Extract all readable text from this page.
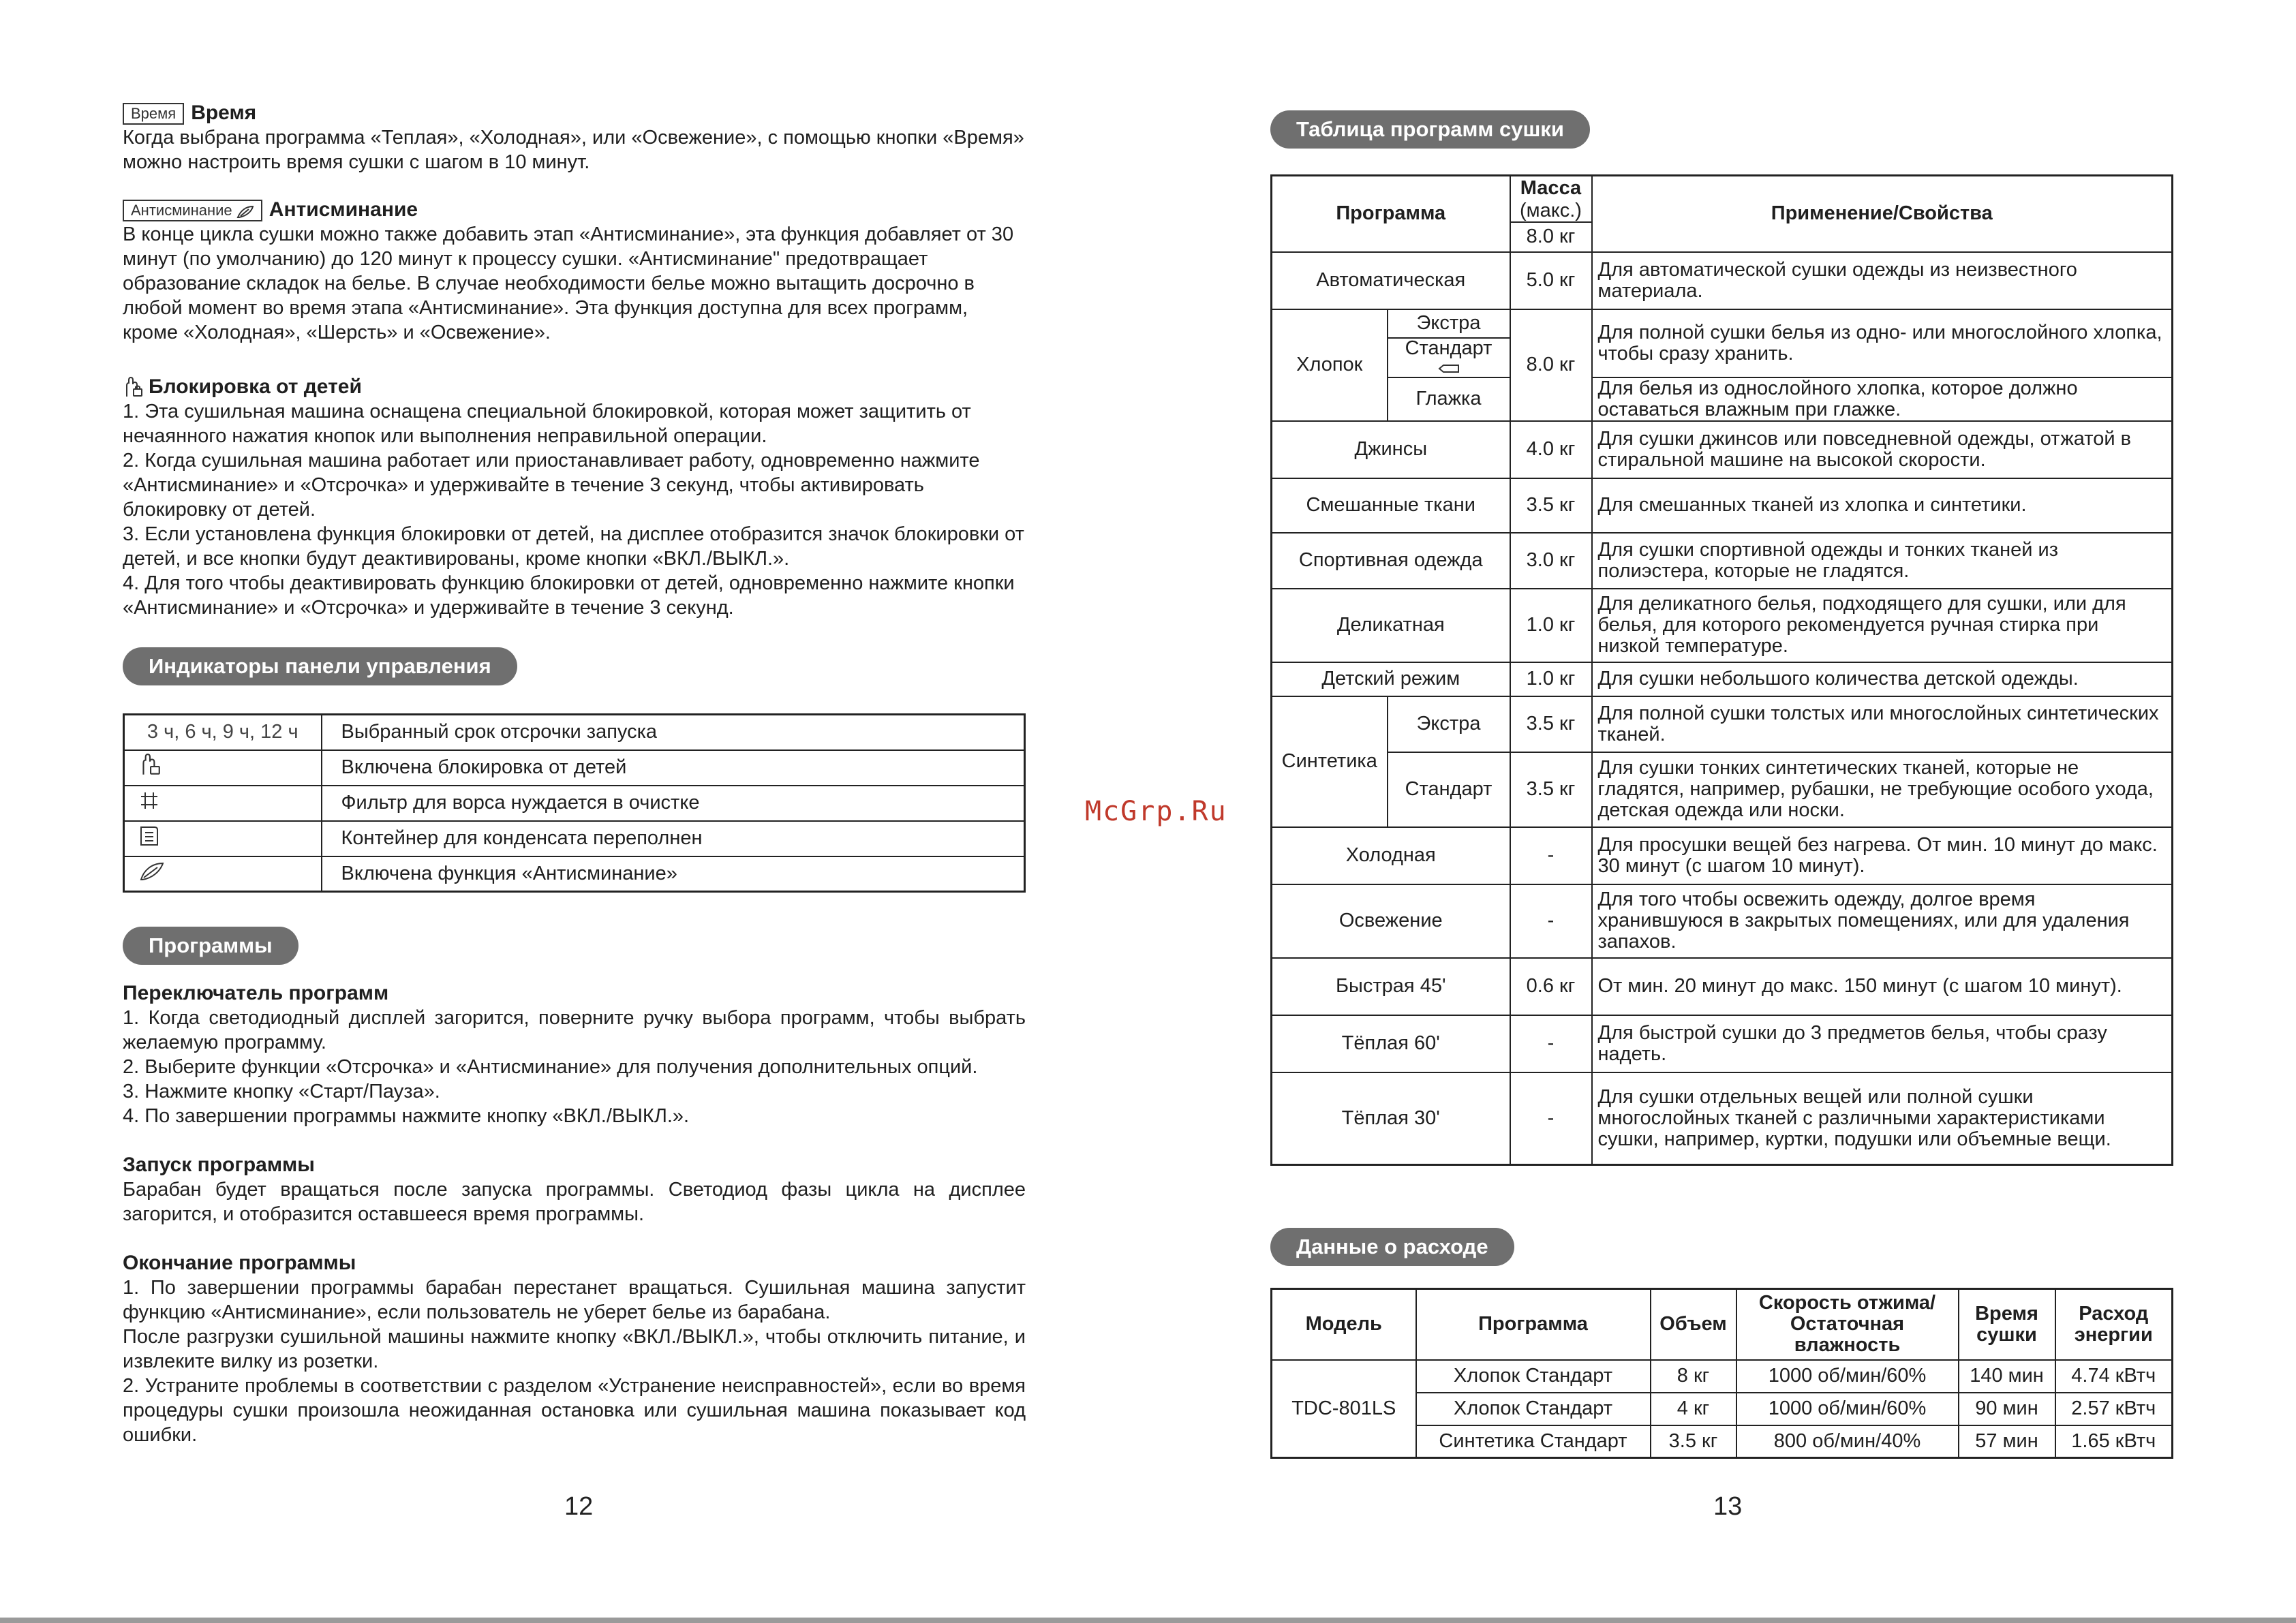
Время Время

Когда выбрана программа «Теплая», «Холодная», или «Освежение», с помощью кнопки «Время» можно настроить время сушки с шагом в 10 минут.

Антисминание Антисминание

В конце цикла сушки можно также добавить этап «Антисминание», эта функция добавляет от 30 минут (по умолчанию) до 120 минут к процессу сушки. «Антисминание" предотвращает образование складок на белье. В случае необходимости белье можно вытащить досрочно в любой момент во время этапа «Антисминание». Эта функция доступна для всех программ, кроме «Холодная», «Шерсть» и «Освежение».

Блокировка от детей

1. Эта сушильная машина оснащена специальной блокировкой, которая может защитить от нечаянного нажатия кнопок или выполнения неправильной операции.

2. Когда сушильная машина работает или приостанавливает работу, одновременно нажмите «Антисминание» и «Отсрочка» и удерживайте в течение 3 секунд, чтобы активировать блокировку от детей.

3. Если установлена функция блокировки от детей, на дисплее отобразится значок блокировки от детей, и все кнопки будут деактивированы, кроме кнопки «ВКЛ./ВЫКЛ.».

4. Для того чтобы деактивировать функцию блокировки от детей, одновременно нажмите кнопки «Антисминание» и «Отсрочка» и удерживайте в течение 3 секунд.

Индикаторы панели управления
3 ч, 6 ч, 9 ч, 12 ч	Выбранный срок отсрочки запуска
	Включена блокировка от детей
	Фильтр для ворса нуждается в очистке
	Контейнер для конденсата переполнен
	Включена функция «Антисминание»
Программы
Переключатель программ

1. Когда светодиодный дисплей загорится, поверните ручку выбора программ, чтобы выбрать желаемую программу.

2. Выберите функции «Отсрочка» и «Антисминание» для получения дополнительных опций.

3. Нажмите кнопку «Старт/Пауза».

4. По завершении программы нажмите кнопку «ВКЛ./ВЫКЛ.».

Запуск программы

Барабан будет вращаться после запуска программы. Светодиод фазы цикла на дисплее загорится, и отобразится оставшееся время программы.

Окончание программы

1. По завершении программы барабан перестанет вращаться. Сушильная машина запустит функцию «Антисминание», если пользователь не уберет белье из барабана.

После разгрузки сушильной машины нажмите кнопку «ВКЛ./ВЫКЛ.», чтобы отключить питание, и извлеките вилку из розетки.

2. Устраните проблемы в соответствии с разделом «Устранение неисправностей», если во время процедуры сушки произошла неожиданная остановка или сушильная машина показывает код ошибки.

12
McGrp.Ru
Таблица программ сушки
Программа		Масса	Применение/Свойства
		(макс.)	
		8.0 кг	
Автоматическая		5.0 кг	Для автоматической сушки одежды из неизвестного материала.
Хлопок	Экстра	8.0 кг	Для полной сушки белья из одно- или многослойного хлопка, чтобы сразу хранить.
	Стандарт		

	Глажка		Для белья из однослойного хлопка, которое должно оставаться влажным при глажке.
Джинсы		4.0 кг	Для сушки джинсов или повседневной одежды, отжатой в стиральной машине на высокой скорости.
Смешанные ткани		3.5 кг	Для смешанных тканей из хлопка и синтетики.
Спортивная одежда		3.0 кг	Для сушки спортивной одежды и тонких тканей из полиэстера, которые не гладятся.
Деликатная		1.0 кг	Для деликатного белья, подходящего для сушки, или для белья, для которого рекомендуется ручная стирка при низкой температуре.
Детский режим		1.0 кг	Для сушки небольшого количества детской одежды.
Синтетика	Экстра	3.5 кг	Для полной сушки толстых или многослойных синтетических тканей.
	Стандарт	3.5 кг	Для сушки тонких синтетических тканей, которые не гладятся, например, рубашки, не требующие особого ухода, детская одежда или носки.
Холодная		-	Для просушки вещей без нагрева. От мин. 10 минут до макс. 30 минут (с шагом 10 минут).
Освежение		-	Для того чтобы освежить одежду, долгое время хранившуюся в закрытых помещениях, или для удаления запахов.
Быстрая 45'		0.6 кг	От мин. 20 минут до макс. 150 минут (с шагом 10 минут).
Тёплая 60'		-	Для быстрой сушки до 3 предметов белья, чтобы сразу надеть.
Тёплая 30'		-	Для сушки отдельных вещей или полной сушки многослойных тканей с различными характеристиками сушки, например, куртки, подушки или объемные вещи.
Данные о расходе
Модель	Программа	Объем	Скорость отжима/Остаточная влажность	Время сушки	Расход энергии
TDC-801LS	Хлопок Стандарт	8 кг	1000 об/мин/60%	140 мин	4.74 кВтч
	Хлопок Стандарт	4 кг	1000 об/мин/60%	90 мин	2.57 кВтч
	Синтетика Стандарт	3.5 кг	800 об/мин/40%	57 мин	1.65 кВтч
13
